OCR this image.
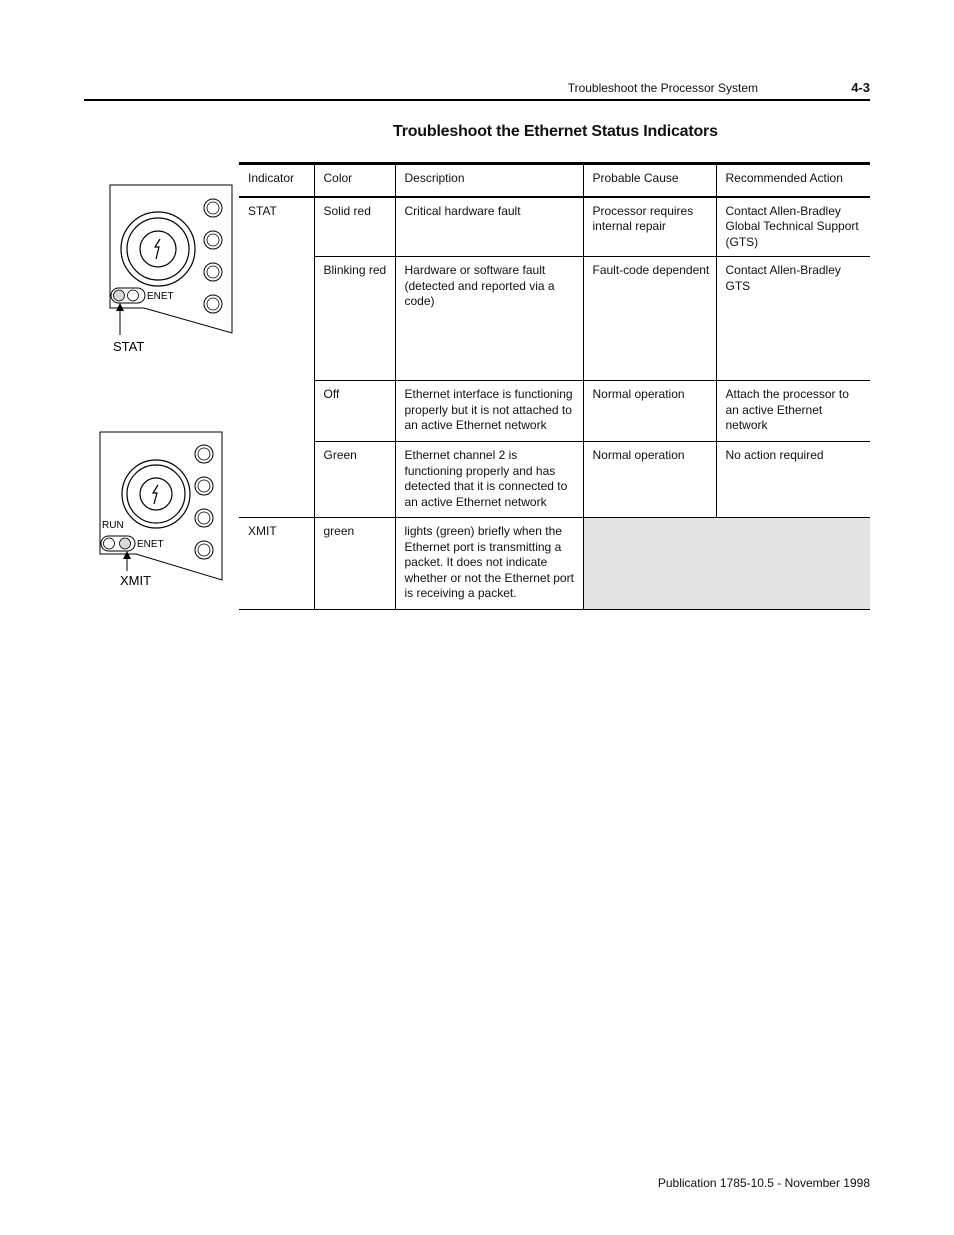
Troubleshoot the Processor System	4-3
Troubleshoot the Ethernet Status Indicators
ENET
STAT
RUN
ENET
XMIT
Indicator	Color	Description	Probable Cause	Recommended Action
STAT	Solid red	Critical hardware fault	Processor requires internal repair	Contact Allen-Bradley Global Technical Support (GTS)
	Blinking red	Hardware or software fault (detected and reported via a code)	Fault-code dependent	Contact Allen-Bradley GTS
	Off	Ethernet interface is functioning properly but it is not attached to an active Ethernet network	Normal operation	Attach the processor to an active Ethernet network
	Green	Ethernet channel 2 is functioning properly and has detected that it is connected to an active Ethernet network	Normal operation	No action required
XMIT	green	lights (green) briefly when the Ethernet port is transmitting a packet. It does not indicate whether or not the Ethernet port is receiving a packet.		
Publication 1785-10.5 - November 1998
